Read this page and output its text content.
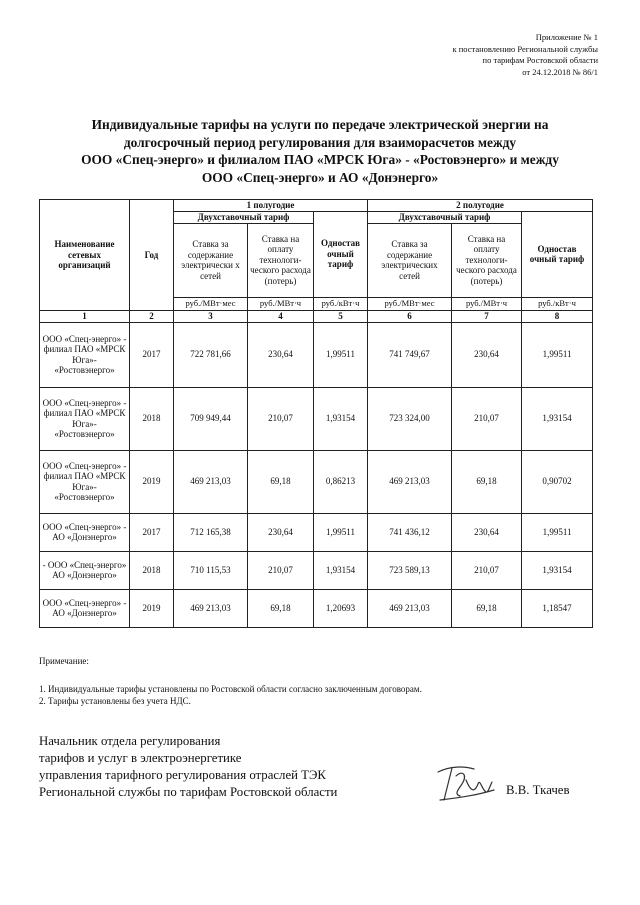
Приложение № 1
к постановлению Региональной службы
по тарифам Ростовской области
от 24.12.2018 № 86/1
Индивидуальные тарифы на услуги по передаче электрической энергии на
долгосрочный период регулирования для взаиморасчетов между
ООО «Спец-энерго» и филиалом ПАО «МРСК Юга» - «Ростовэнерго» и между
ООО «Спец-энерго» и АО «Донэнерго»
Наименование сетевых организаций	Год	1 полугодие			2 полугодие		
		Двухставочный тариф		Одностав очный тариф	Двухставочный тариф		Одностав очный тариф
		Ставка за содержание электрически х сетей	Ставка на оплату технологи-ческого расхода (потерь)		Ставка за содержание электрических сетей	Ставка на оплату технологи-ческого расхода (потерь)	
		руб./МВт·мес	руб./МВт·ч	руб./кВт·ч	руб./МВт·мес	руб./МВт·ч	руб./кВт·ч
1	2	3	4	5	6	7	8
ООО «Спец-энерго» - филиал ПАО «МРСК Юга»- «Ростовэнерго»	2017	722 781,66	230,64	1,99511	741 749,67	230,64	1,99511
ООО «Спец-энерго» - филиал ПАО «МРСК Юга»- «Ростовэнерго»	2018	709 949,44	210,07	1,93154	723 324,00	210,07	1,93154
ООО «Спец-энерго» - филиал ПАО «МРСК Юга»- «Ростовэнерго»	2019	469 213,03	69,18	0,86213	469 213,03	69,18	0,90702
ООО «Спец-энерго» - АО «Донэнерго»	2017	712 165,38	230,64	1,99511	741 436,12	230,64	1,99511
- ООО «Спец-энерго» АО «Донэнерго»	2018	710 115,53	210,07	1,93154	723 589,13	210,07	1,93154
ООО «Спец-энерго» - АО «Донэнерго»	2019	469 213,03	69,18	1,20693	469 213,03	69,18	1,18547
Примечание:
1. Индивидуальные тарифы установлены по Ростовской области согласно заключенным договорам.
2. Тарифы установлены без учета НДС.
Начальник отдела регулирования
тарифов и услуг в электроэнергетике
управления тарифного регулирования отраслей ТЭК
Региональной службы по тарифам Ростовской области	В.В. Ткачев
